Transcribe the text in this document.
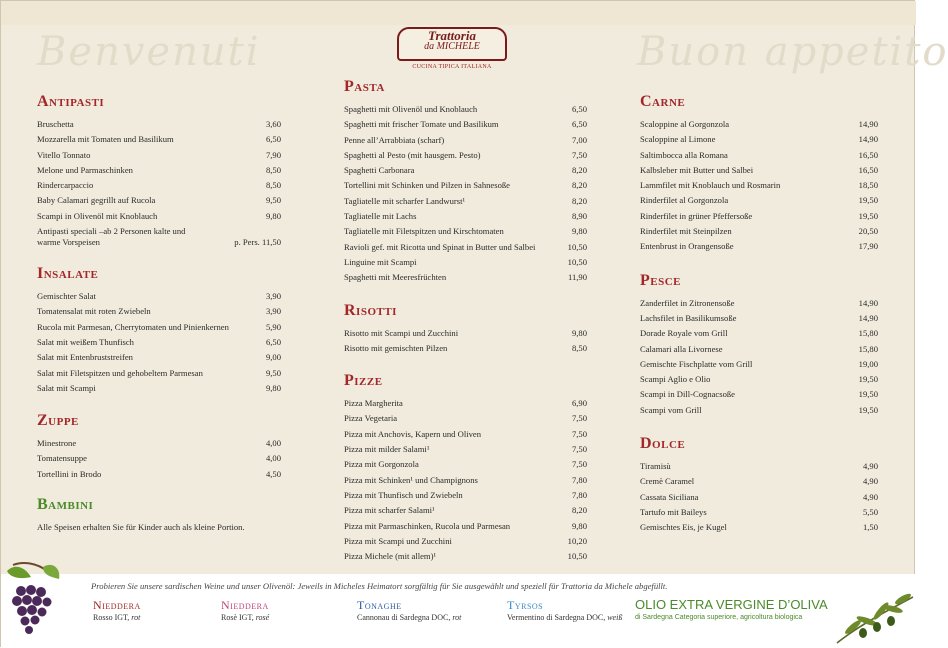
Benvenuti	Buon appetito
Trattoria
da MICHELE
CUCINA TIPICA ITALIANA
Antipasti
Bruschetta	3,60
Mozzarella mit Tomaten und Basilikum	6,50
Vitello Tonnato	7,90
Melone und Parmaschinken	8,50
Rindercarpaccio	8,50
Baby Calamari gegrillt auf Rucola	9,50
Scampi in Olivenöl mit Knoblauch	9,80
Antipasti speciali –ab 2 Personen kalte und warme Vorspeisen	p. Pers. 11,50
Insalate
Gemischter Salat	3,90
Tomatensalat mit roten Zwiebeln	3,90
Rucola mit Parmesan, Cherrytomaten und Pinienkernen	5,90
Salat mit weißem Thunfisch	6,50
Salat mit Entenbruststreifen	9,00
Salat mit Filetspitzen und gehobeltem Parmesan	9,50
Salat mit Scampi	9,80
Zuppe
Minestrone	4,00
Tomatensuppe	4,00
Tortellini in Brodo	4,50
Bambini

Alle Speisen erhalten Sie für Kinder auch als kleine Portion.

Pasta
Spaghetti mit Olivenöl und Knoblauch	6,50
Spaghetti mit frischer Tomate und Basilikum	6,50
Penne all’Arrabbiata (scharf)	7,00
Spaghetti al Pesto (mit hausgem. Pesto)	7,50
Spaghetti Carbonara	8,20
Tortellini mit Schinken und Pilzen in Sahnesoße	8,20
Tagliatelle mit scharfer Landwurst¹	8,20
Tagliatelle mit Lachs	8,90
Tagliatelle mit Filetspitzen und Kirschtomaten	9,80
Ravioli gef. mit Ricotta und Spinat in Butter und Salbei	10,50
Linguine mit Scampi	10,50
Spaghetti mit Meeresfrüchten	11,90
Risotti
Risotto mit Scampi und Zucchini	9,80
Risotto mit gemischten Pilzen	8,50
Pizze
Pizza Margherita	6,90
Pizza Vegetaria	7,50
Pizza mit Anchovis, Kapern und Oliven	7,50
Pizza mit milder Salami¹	7,50
Pizza mit Gorgonzola	7,50
Pizza mit Schinken¹ und Champignons	7,80
Pizza mit Thunfisch und Zwiebeln	7,80
Pizza mit scharfer Salami¹	8,20
Pizza mit Parmaschinken, Rucola und Parmesan	9,80
Pizza mit Scampi und Zucchini	10,20
Pizza Michele (mit allem)¹	10,50
Carne
Scaloppine al Gorgonzola	14,90
Scaloppine al Limone	14,90
Saltimbocca alla Romana	16,50
Kalbsleber mit Butter und Salbei	16,50
Lammfilet mit Knoblauch und Rosmarin	18,50
Rinderfilet al Gorgonzola	19,50
Rinderfilet in grüner Pfeffersoße	19,50
Rinderfilet mit Steinpilzen	20,50
Entenbrust in Orangensoße	17,90
Pesce
Zanderfilet in Zitronensoße	14,90
Lachsfilet in Basilikumsoße	14,90
Dorade Royale vom Grill	15,80
Calamari alla Livornese	15,80
Gemischte Fischplatte vom Grill	19,00
Scampi Aglio e Olio	19,50
Scampi in Dill-Cognacsoße	19,50
Scampi vom Grill	19,50
Dolce
Tiramisù	4,90
Cremè Caramel	4,90
Cassata Siciliana	4,90
Tartufo mit Baileys	5,50
Gemischtes Eis, je Kugel	1,50
Probieren Sie unsere sardischen Weine und unser Olivenöl: Jeweils in Micheles Heimatort sorgfältig für Sie ausgewählt und speziell für Trattoria da Michele abgefüllt.
Nieddera
Rosso IGT, rot
Nieddera
Rosè IGT, rosé
Tonaghe
Cannonau di Sardegna DOC, rot
Tyrsos
Vermentino di Sardegna DOC, weiß
OLIO EXTRA VERGINE D’OLIVA
di Sardegna Categoria superiore, agricoltura biologica
